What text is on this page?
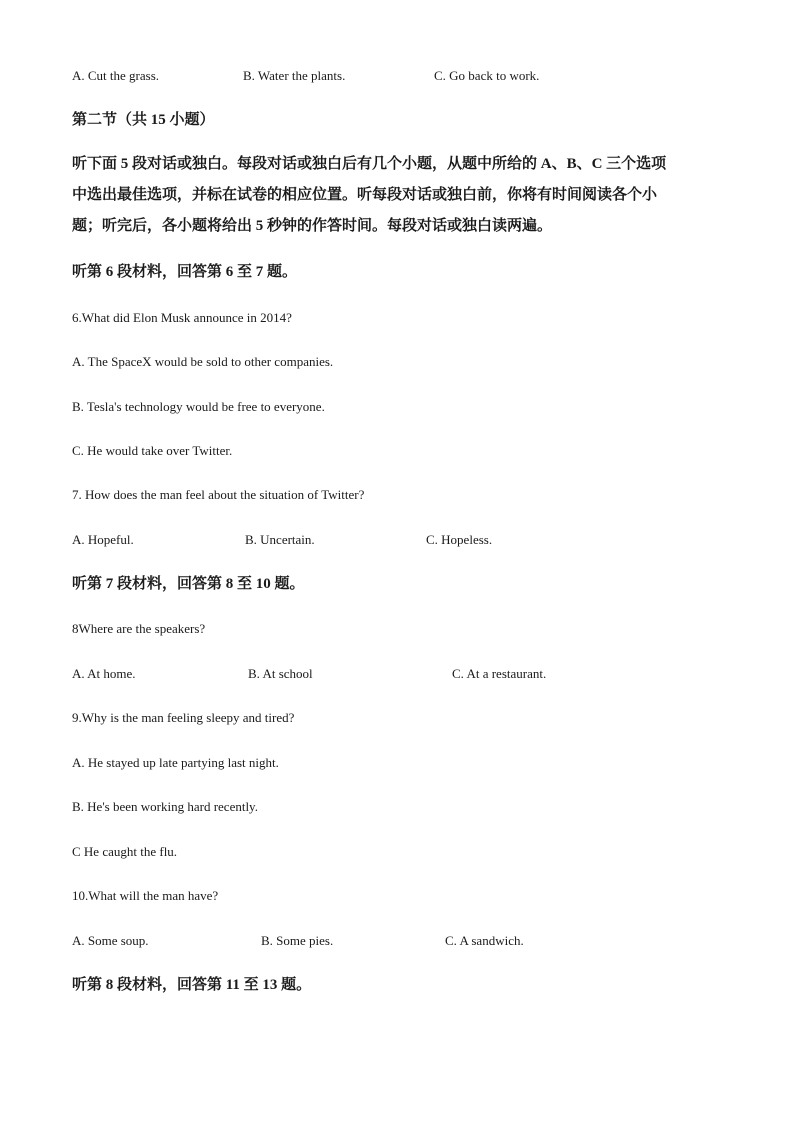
A. Cut the grass.	B. Water the plants.	C. Go back to work.
第二节（共 15 小题）
听下面 5 段对话或独白。每段对话或独白后有几个小题，从题中所给的 A、B、C 三个选项
中选出最佳选项，并标在试卷的相应位置。听每段对话或独白前，你将有时间阅读各个小
题；听完后，各小题将给出 5 秒钟的作答时间。每段对话或独白读两遍。
听第 6 段材料，回答第 6 至 7 题。
6.What did Elon Musk announce in 2014?
A. The SpaceX would be sold to other companies.
B. Tesla's technology would be free to everyone.
C. He would take over Twitter.
7. How does the man feel about the situation of Twitter?
A. Hopeful.	B. Uncertain.	C. Hopeless.
听第 7 段材料，回答第 8 至 10 题。
8Where are the speakers?
A. At home.	B. At school	C. At a restaurant.
9.Why is the man feeling sleepy and tired?
A. He stayed up late partying last night.
B. He's been working hard recently.
C He caught the flu.
10.What will the man have?
A. Some soup.	B. Some pies.	C. A sandwich.
听第 8 段材料，回答第 11 至 13 题。
